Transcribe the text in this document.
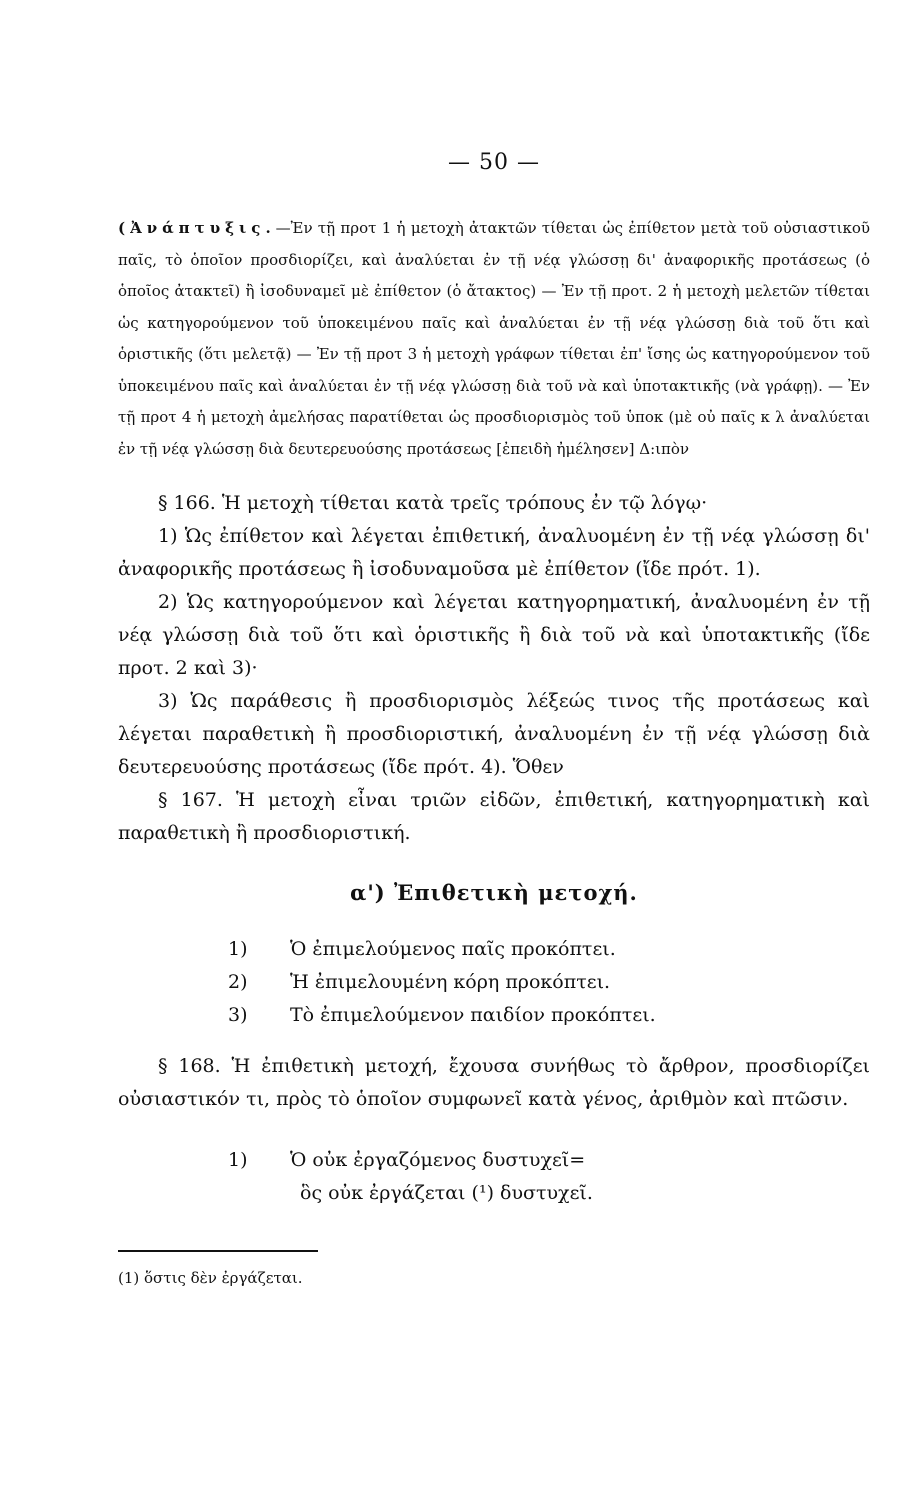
— 50 —

(Ἀνάπτυξις.—Ἐν τῇ προτ 1 ἡ μετοχὴ ἀτακτῶν τίθεται ὡς ἐπίθετον μετὰ τοῦ οὐσιαστικοῦ παῖς, τὸ ὁποῖον προσδιορίζει, καὶ ἀναλύεται ἐν τῇ νέᾳ γλώσσῃ δι' ἀναφορικῆς προτάσεως (ὁ ὁποῖος ἀτακτεῖ) ἢ ἰσοδυναμεῖ μὲ ἐπίθετον (ὁ ἄτακτος) — Ἐν τῇ προτ. 2 ἡ μετοχὴ μελετῶν τίθεται ὡς κατηγορούμενον τοῦ ὑποκειμένου παῖς καὶ ἀναλύεται ἐν τῇ νέᾳ γλώσσῃ διὰ τοῦ ὅτι καὶ ὁριστικῆς (ὅτι μελετᾷ) — Ἐν τῇ προτ 3 ἡ μετοχὴ γράφων τίθεται ἐπ' ἴσης ὡς κατηγορούμενον τοῦ ὑποκειμένου παῖς καὶ ἀναλύεται ἐν τῇ νέᾳ γλώσσῃ διὰ τοῦ νὰ καὶ ὑποτακτικῆς (νὰ γράφῃ). — Ἐν τῇ προτ 4 ἡ μετοχὴ ἀμελήσας παρατίθεται ὡς προσδιορισμὸς τοῦ ὑποκ (μὲ οὐ παῖς κ λ ἀναλύεται ἐν τῇ νέᾳ γλώσσῃ διὰ δευτερευούσης προτάσεως [ἐπειδὴ ἠμέλησεν] Δ:ιπὸν

§ 166. Ἡ μετοχὴ τίθεται κατὰ τρεῖς τρόπους ἐν τῷ λόγῳ·

1) Ὡς ἐπίθετον καὶ λέγεται ἐπιθετική, ἀναλυομένη ἐν τῇ νέᾳ γλώσσῃ δι' ἀναφορικῆς προτάσεως ἢ ἰσοδυναμοῦσα μὲ ἐπίθετον (ἴδε πρότ. 1).

2) Ὡς κατηγορούμενον καὶ λέγεται κατηγορηματική, ἀναλυομένη ἐν τῇ νέᾳ γλώσσῃ διὰ τοῦ ὅτι καὶ ὁριστικῆς ἢ διὰ τοῦ νὰ καὶ ὑποτακτικῆς (ἴδε προτ. 2 καὶ 3)·

3) Ὡς παράθεσις ἢ προσδιορισμὸς λέξεώς τινος τῆς προτάσεως καὶ λέγεται παραθετικὴ ἢ προσδιοριστική, ἀναλυομένη ἐν τῇ νέᾳ γλώσσῃ διὰ δευτερευούσης προτάσεως (ἴδε πρότ. 4). Ὅθεν

§ 167. Ἡ μετοχὴ εἶναι τριῶν εἰδῶν, ἐπιθετική, κατηγορηματικὴ καὶ παραθετικὴ ἢ προσδιοριστική.

α') Ἐπιθετικὴ μετοχή.
1)	Ὁ ἐπιμελούμενος παῖς προκόπτει.
2)	Ἡ ἐπιμελουμένη κόρη προκόπτει.
3)	Τὸ ἐπιμελούμενον παιδίον προκόπτει.

§ 168. Ἡ ἐπιθετικὴ μετοχή, ἔχουσα συνήθως τὸ ἄρθρον, προσδιορίζει οὐσιαστικόν τι, πρὸς τὸ ὁποῖον συμφωνεῖ κατὰ γένος, ἀριθμὸν καὶ πτῶσιν.

1)	Ὁ οὐκ ἐργαζόμενος δυστυχεῖ=

ὃς οὐκ ἐργάζεται (¹) δυστυχεῖ.

(1) ὅστις δὲν ἐργάζεται.
